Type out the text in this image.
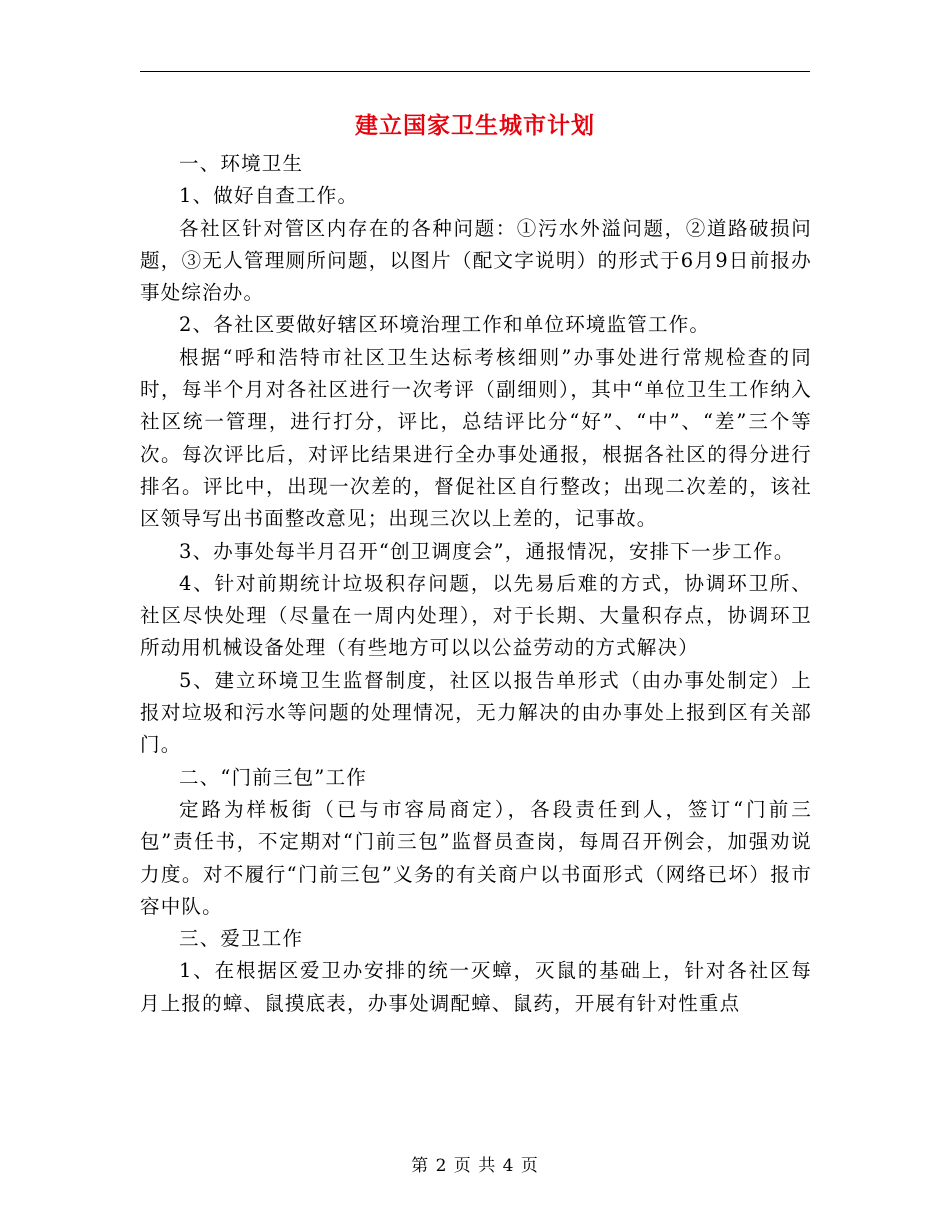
建立国家卫生城市计划

一、环境卫生

1、做好自查工作。

各社区针对管区内存在的各种问题：①污水外溢问题，②道路破损问题，③无人管理厕所问题，以图片（配文字说明）的形式于6月9日前报办事处综治办。

2、各社区要做好辖区环境治理工作和单位环境监管工作。

根据“呼和浩特市社区卫生达标考核细则”办事处进行常规检查的同时，每半个月对各社区进行一次考评（副细则），其中“单位卫生工作纳入社区统一管理，进行打分，评比，总结评比分“好”、“中”、“差”三个等次。每次评比后，对评比结果进行全办事处通报，根据各社区的得分进行排名。评比中，出现一次差的，督促社区自行整改；出现二次差的，该社区领导写出书面整改意见；出现三次以上差的，记事故。

3、办事处每半月召开“创卫调度会”，通报情况，安排下一步工作。

4、针对前期统计垃圾积存问题，以先易后难的方式，协调环卫所、社区尽快处理（尽量在一周内处理），对于长期、大量积存点，协调环卫所动用机械设备处理（有些地方可以以公益劳动的方式解决）

5、建立环境卫生监督制度，社区以报告单形式（由办事处制定）上报对垃圾和污水等问题的处理情况，无力解决的由办事处上报到区有关部门。

二、“门前三包”工作

定路为样板街（已与市容局商定），各段责任到人，签订“门前三包”责任书，不定期对“门前三包”监督员查岗，每周召开例会，加强劝说力度。对不履行“门前三包”义务的有关商户以书面形式（网络已坏）报市容中队。

三、爱卫工作

1、在根据区爱卫办安排的统一灭蟑，灭鼠的基础上，针对各社区每月上报的蟑、鼠摸底表，办事处调配蟑、鼠药，开展有针对性重点

第 2 页 共 4 页
